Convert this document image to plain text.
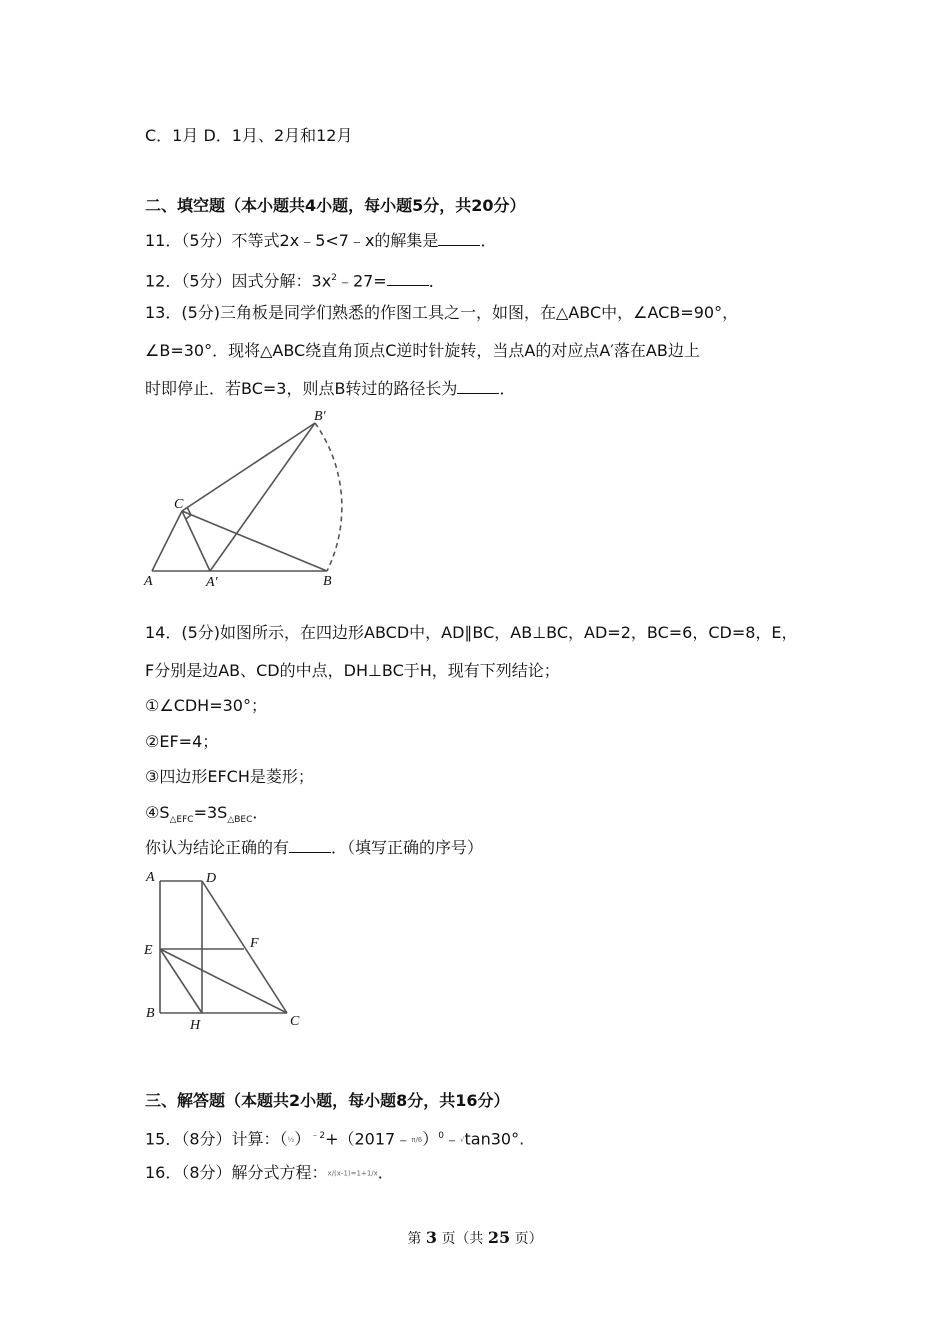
C．1月 D．1月、2月和12月
二、填空题（本小题共4小题，每小题5分，共20分）
11．（5分）不等式2x﹣5<7﹣x的解集是	．
12．（5分）因式分解：$3x^2﹣27=$	．
13．(5分)三角板是同学们熟悉的作图工具之一，如图，在△ABC中，∠ACB=90°，
∠B=30°．现将△ABC绕直角顶点C逆时针旋转，当点A的对应点A′落在AB边上
时即停止．若BC=3，则点B转过的路径长为	．
B′
C
A	A′	B
14．(5分)如图所示，在四边形ABCD中，AD∥BC，AB⊥BC，AD=2，BC=6，CD=8，E，
F分别是边AB、CD的中点，DH⊥BC于H，现有下列结论；
①∠CDH=30°；
②EF=4；
③四边形EFCH是菱形；
$④S_{\triangle EFC}=3S_{\triangle BEC}$．
你认为结论正确的有	．（填写正确的序号）
A	D
E	F
B
H	C
三、解答题（本题共2小题，每小题8分，共16分）
15．（8分）计算：（½）$^{﹣2}$+（2017﹣π/6）$^0$﹣√tan30°.
16．（8分）解分式方程：x/(x-1)=1+1/x．
第 3 页（共 25 页）
